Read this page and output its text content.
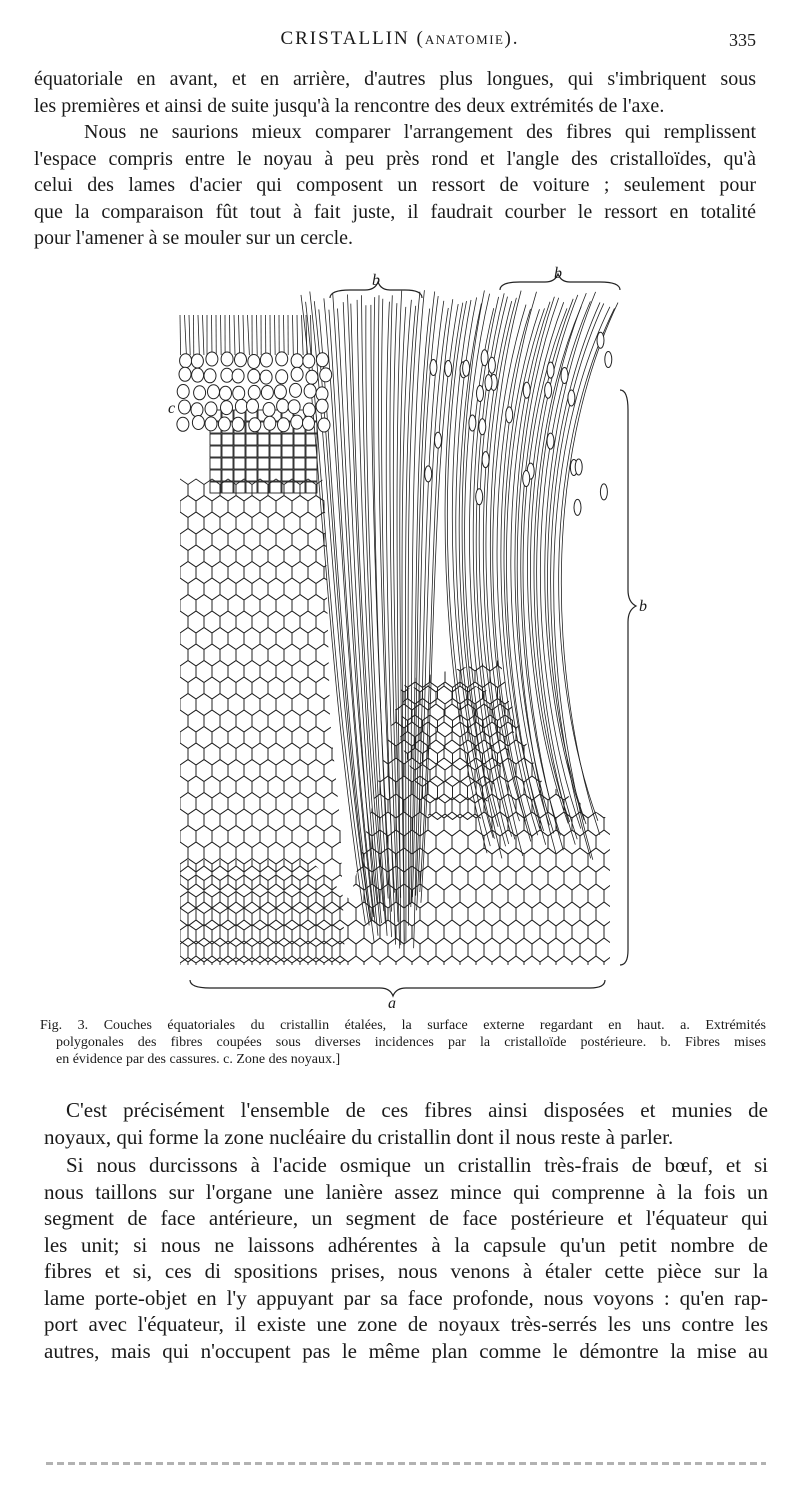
CRISTALLIN (ANATOMIE).	335
équatoriale en avant, et en arrière, d'autres plus longues, qui s'imbriquent sous
les premières et ainsi de suite jusqu'à la rencontre des deux extrémités de l'axe.
Nous ne saurions mieux comparer l'arrangement des fibres qui remplissent
l'espace compris entre le noyau à peu près rond et l'angle des cristalloïdes, qu'à
celui des lames d'acier qui composent un ressort de voiture ; seulement pour
que la comparaison fût tout à fait juste, il faudrait courber le ressort en totalité
pour l'amener à se mouler sur un cercle.
b	b
b
c
a
Fig. 3. Couches équatoriales du cristallin étalées, la surface externe regardant en haut. a. Extrémités
polygonales des fibres coupées sous diverses incidences par la cristalloïde postérieure. b. Fibres mises
en évidence par des cassures. c. Zone des noyaux.]
C'est précisément l'ensemble de ces fibres ainsi disposées et munies de
noyaux, qui forme la zone nucléaire du cristallin dont il nous reste à parler.
Si nous durcissons à l'acide osmique un cristallin très-frais de bœuf, et si
nous taillons sur l'organe une lanière assez mince qui comprenne à la fois un
segment de face antérieure, un segment de face postérieure et l'équateur qui
les unit; si nous ne laissons adhérentes à la capsule qu'un petit nombre de
fibres et si, ces di spositions prises, nous venons à étaler cette pièce sur la
lame porte-objet en l'y appuyant par sa face profonde, nous voyons : qu'en rap-
port avec l'équateur, il existe une zone de noyaux très-serrés les uns contre les
autres, mais qui n'occupent pas le même plan comme le démontre la mise au
